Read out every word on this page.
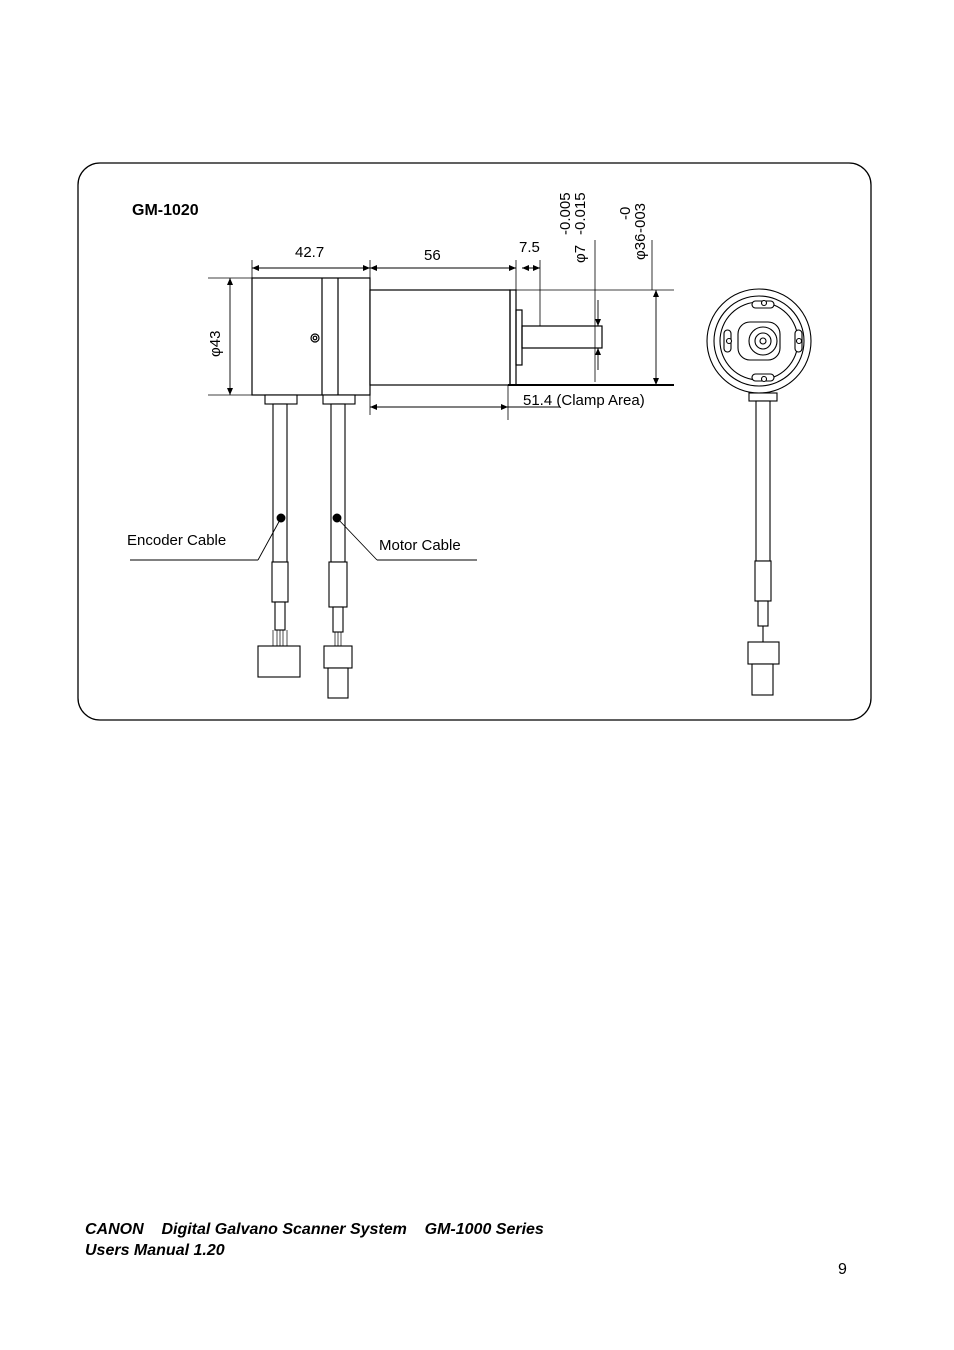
GM-1020
42.7	56	7.5
φ43
φ7
-0.015
-0.005
φ36
-003
-0
51.4 (Clamp Area)
Encoder Cable	Motor Cable
CANON    Digital Galvano Scanner System    GM-1000 Series
Users Manual 1.20
9
